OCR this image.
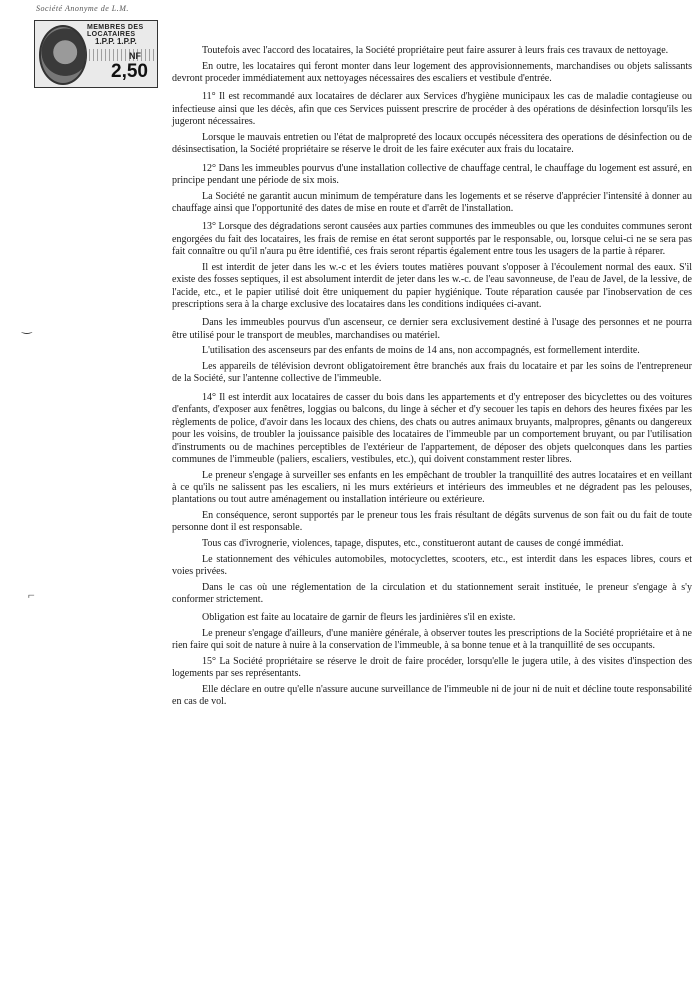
Société Anonyme de L.M.
MEMBRES DES LOCATAIRES
1.P.P. 1.P.P.
NF
2,50
‿
⌐

Toutefois avec l'accord des locataires, la Société propriétaire peut faire assurer à leurs frais ces travaux de nettoyage.

En outre, les locataires qui feront monter dans leur logement des approvisionnements, marchandises ou objets salissants devront proceder immédiatement aux nettoyages nécessaires des escaliers et vestibule d'entrée.

11° Il est recommandé aux locataires de déclarer aux Services d'hygiène municipaux les cas de maladie contagieuse ou infectieuse ainsi que les décès, afin que ces Services puissent prescrire de procéder à des opérations de désinfection lorsqu'ils les jugeront nécessaires.

Lorsque le mauvais entretien ou l'état de malpropreté des locaux occupés nécessitera des operations de désinfection ou de désinsectisation, la Société propriétaire se réserve le droit de les faire exécuter aux frais du locataire.

12° Dans les immeubles pourvus d'une installation collective de chauffage central, le chauffage du logement est assuré, en principe pendant une période de six mois.

La Société ne garantit aucun minimum de température dans les logements et se réserve d'apprécier l'intensité à donner au chauffage ainsi que l'opportunité des dates de mise en route et d'arrêt de l'installation.

13° Lorsque des dégradations seront causées aux parties communes des immeubles ou que les conduites communes seront engorgées du fait des locataires, les frais de remise en état seront supportés par le responsable, ou, lorsque celui-ci ne se sera pas fait connaître ou qu'il n'aura pu être identifié, ces frais seront répartis également entre tous les usagers de la partie à réparer.

Il est interdit de jeter dans les w.-c et les éviers toutes matières pouvant s'opposer à l'écoulement normal des eaux. S'il existe des fosses septiques, il est absolument interdit de jeter dans les w.-c. de l'eau savonneuse, de l'eau de Javel, de la lessive, de l'acide, etc., et le papier utilisé doit être uniquement du papier hygiénique. Toute réparation causée par l'inobservation de ces prescriptions sera à la charge exclusive des locataires dans les conditions indiquées ci-avant.

Dans les immeubles pourvus d'un ascenseur, ce dernier sera exclusivement destiné à l'usage des personnes et ne pourra être utilisé pour le transport de meubles, marchandises ou matériel.

L'utilisation des ascenseurs par des enfants de moins de 14 ans, non accompagnés, est formellement interdite.

Les appareils de télévision devront obligatoirement être branchés aux frais du locataire et par les soins de l'entrepreneur de la Société, sur l'antenne collective de l'immeuble.

14° Il est interdit aux locataires de casser du bois dans les appartements et d'y entreposer des bicyclettes ou des voitures d'enfants, d'exposer aux fenêtres, loggias ou balcons, du linge à sécher et d'y secouer les tapis en dehors des heures fixées par les règlements de police, d'avoir dans les locaux des chiens, des chats ou autres animaux bruyants, malpropres, gênants ou dangereux pour les voisins, de troubler la jouissance paisible des locataires de l'immeuble par un comportement bruyant, ou par l'utilisation d'instruments ou de machines perceptibles de l'extérieur de l'appartement, de déposer des objets quelconques dans les parties communes de l'immeuble (paliers, escaliers, vestibules, etc.), qui doivent constamment rester libres.

Le preneur s'engage à surveiller ses enfants en les empêchant de troubler la tranquillité des autres locataires et en veillant à ce qu'ils ne salissent pas les escaliers, ni les murs extérieurs et intérieurs des immeubles et ne dégradent pas les pelouses, plantations ou tout autre aménagement ou installation intérieure ou extérieure.

En conséquence, seront supportés par le preneur tous les frais résultant de dégâts survenus de son fait ou du fait de toute personne dont il est responsable.

Tous cas d'ivrognerie, violences, tapage, disputes, etc., constitueront autant de causes de congé immédiat.

Le stationnement des véhicules automobiles, motocyclettes, scooters, etc., est interdit dans les espaces libres, cours et voies privées.

Dans le cas où une réglementation de la circulation et du stationnement serait instituée, le preneur s'engage à s'y conformer strictement.

Obligation est faite au locataire de garnir de fleurs les jardinières s'il en existe.

Le preneur s'engage d'ailleurs, d'une manière générale, à observer toutes les prescriptions de la Société propriétaire et à ne rien faire qui soit de nature à nuire à la conservation de l'immeuble, à sa bonne tenue et à la tranquillité de ses occupants.

15° La Société propriétaire se réserve le droit de faire procéder, lorsqu'elle le jugera utile, à des visites d'inspection des logements par ses représentants.

Elle déclare en outre qu'elle n'assure aucune surveillance de l'immeuble ni de jour ni de nuit et décline toute responsabilité en cas de vol.
